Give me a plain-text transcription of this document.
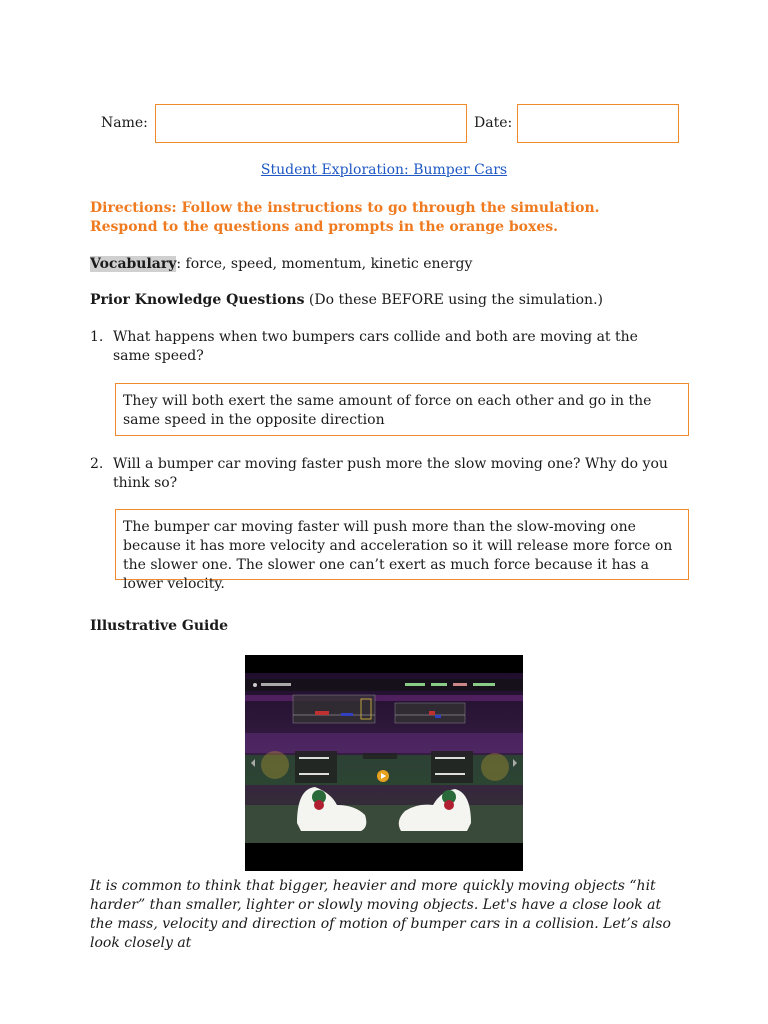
Name:	Date:
Student Exploration: Bumper Cars
Directions: Follow the instructions to go through the simulation. Respond to the questions and prompts in the orange boxes.
Vocabulary: force, speed, momentum, kinetic energy
Prior Knowledge Questions (Do these BEFORE using the simulation.)
1. What happens when two bumpers cars collide and both are moving at the same speed?
They will both exert the same amount of force on each other and go in the same speed in the opposite direction
2. Will a bumper car moving faster push more the slow moving one? Why do you think so?
The bumper car moving faster will push more than the slow-moving one because it has more velocity and acceleration so it will release more force on the slower one. The slower one can’t exert as much force because it has a lower velocity.
Illustrative Guide
It is common to think that bigger, heavier and more quickly moving objects “hit harder” than smaller, lighter or slowly moving objects. Let's have a close look at the mass, velocity and direction of motion of bumper cars in a collision. Let’s also look closely at
